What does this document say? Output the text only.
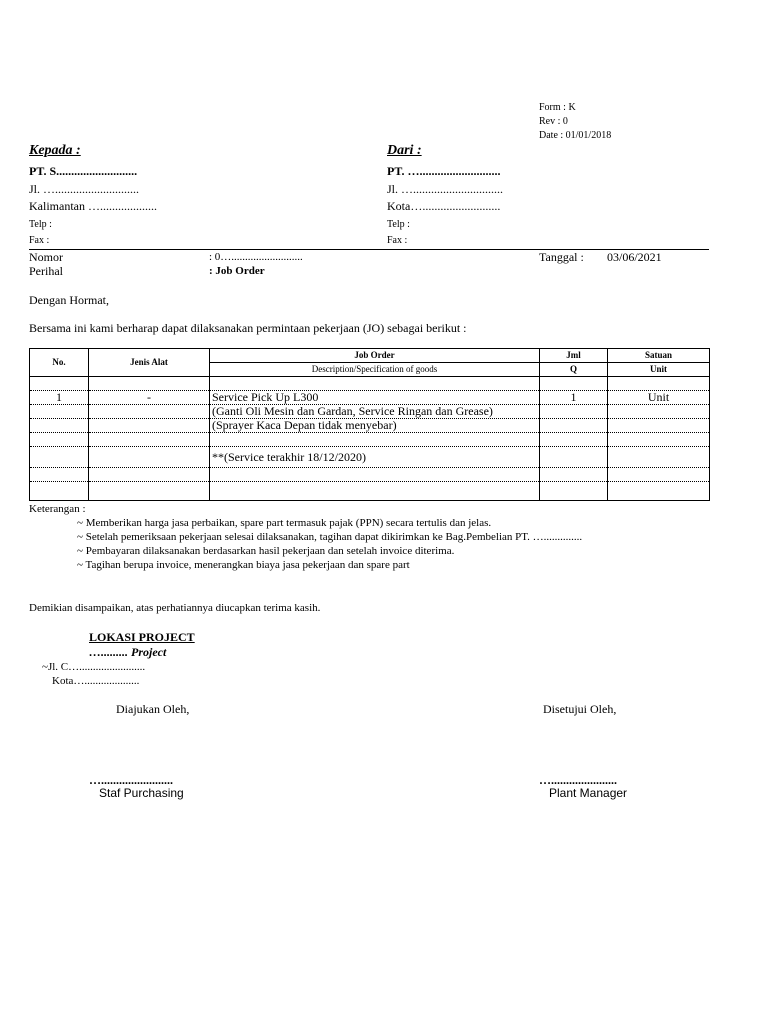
Form : K
Rev : 0
Date : 01/01/2018
Kepada :
PT. S...........................
Jl. …............................
Kalimantan …...................
Telp :
Fax :
Dari :
PT. …...........................
Jl. …..............................
Kota…..........................
Telp :
Fax :
Nomor	: 0…..........................	Tanggal : 03/06/2021
Perihal	: Job Order
Dengan Hormat,
Bersama ini kami berharap dapat dilaksanakan permintaan pekerjaan (JO) sebagai berikut :
No.	Jenis Alat	Job Order	Jml	Satuan
		Description/Specification of goods	Q	Unit

1	-	Service Pick Up L300	1	Unit
		(Ganti Oli Mesin dan Gardan, Service Ringan dan Grease)		
		(Sprayer Kaca Depan tidak menyebar)		

		**(Service terakhir 18/12/2020)		

Keterangan :
~ Memberikan harga jasa perbaikan, spare part termasuk pajak (PPN) secara tertulis dan jelas.
~ Setelah pemeriksaan pekerjaan selesai dilaksanakan, tagihan dapat dikirimkan ke Bag.Pembelian PT. …..............
~ Pembayaran dilaksanakan berdasarkan hasil pekerjaan dan setelah invoice diterima.
~ Tagihan berupa invoice, menerangkan biaya jasa pekerjaan dan spare part
Demikian disampaikan, atas perhatiannya diucapkan terima kasih.
LOKASI PROJECT
…......... Project
~Jl. C…........................
Kota…....................
Diajukan Oleh,	Disetujui Oleh,
…........................	…......................
Staf Purchasing	Plant Manager
